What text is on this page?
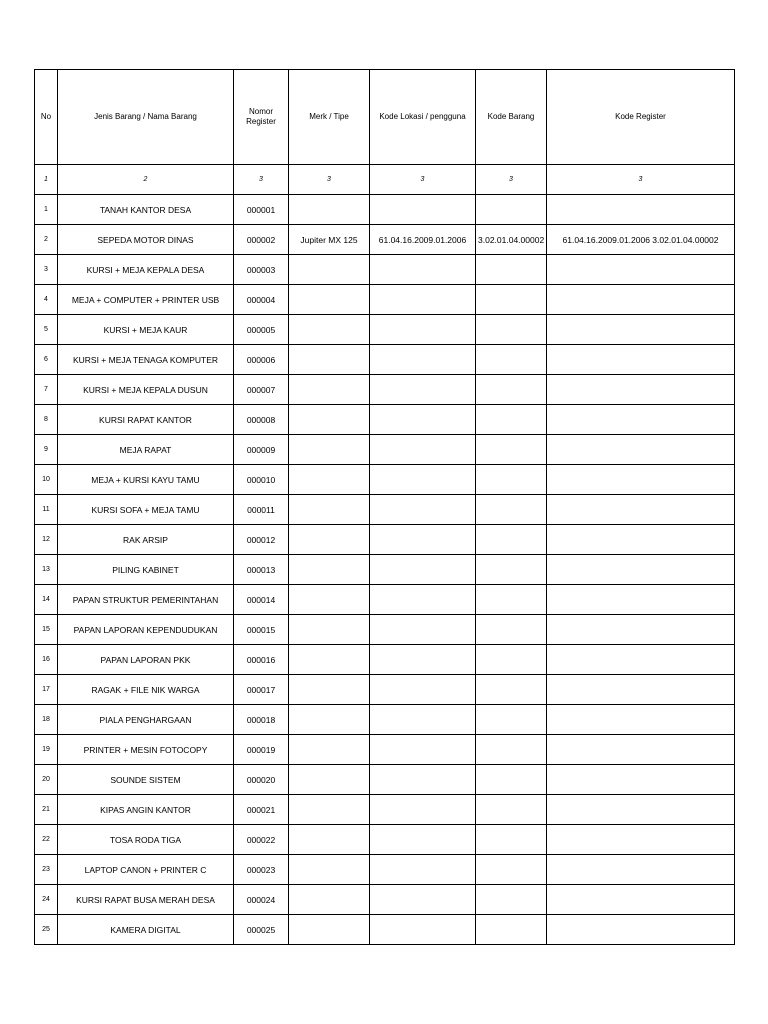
No	Jenis Barang / Nama Barang	Nomor Register	Merk / Tipe	Kode Lokasi / pengguna	Kode Barang	Kode Register
1	2	3	3	3	3	3
1	TANAH KANTOR DESA	000001				
2	SEPEDA MOTOR DINAS	000002	Jupiter MX 125	61.04.16.2009.01.2006	3.02.01.04.00002	61.04.16.2009.01.2006 3.02.01.04.00002
3	KURSI + MEJA KEPALA DESA	000003				
4	MEJA + COMPUTER + PRINTER USB	000004				
5	KURSI + MEJA KAUR	000005				
6	KURSI + MEJA TENAGA KOMPUTER	000006				
7	KURSI + MEJA KEPALA DUSUN	000007				
8	KURSI RAPAT KANTOR	000008				
9	MEJA RAPAT	000009				
10	MEJA + KURSI KAYU TAMU	000010				
11	KURSI SOFA + MEJA TAMU	000011				
12	RAK ARSIP	000012				
13	PILING KABINET	000013				
14	PAPAN STRUKTUR PEMERINTAHAN	000014				
15	PAPAN LAPORAN KEPENDUDUKAN	000015				
16	PAPAN LAPORAN PKK	000016				
17	RAGAK + FILE NIK WARGA	000017				
18	PIALA PENGHARGAAN	000018				
19	PRINTER + MESIN FOTOCOPY	000019				
20	SOUNDE SISTEM	000020				
21	KIPAS ANGIN KANTOR	000021				
22	TOSA RODA TIGA	000022				
23	LAPTOP CANON + PRINTER C	000023				
24	KURSI RAPAT BUSA MERAH DESA	000024				
25	KAMERA DIGITAL	000025				
